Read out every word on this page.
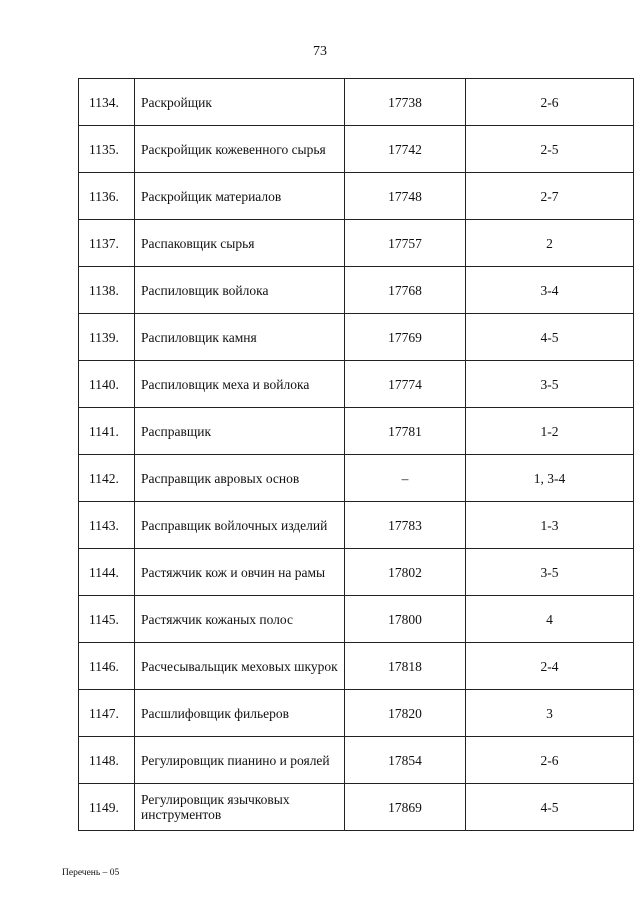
73
1134.	Раскройщик	17738	2-6
1135.	Раскройщик кожевенного сырья	17742	2-5
1136.	Раскройщик материалов	17748	2-7
1137.	Распаковщик сырья	17757	2
1138.	Распиловщик войлока	17768	3-4
1139.	Распиловщик камня	17769	4-5
1140.	Распиловщик меха и войлока	17774	3-5
1141.	Расправщик	17781	1-2
1142.	Расправщик авровых основ	–	1, 3-4
1143.	Расправщик войлочных изделий	17783	1-3
1144.	Растяжчик кож и овчин на рамы	17802	3-5
1145.	Растяжчик кожаных полос	17800	4
1146.	Расчесывальщик меховых шкурок	17818	2-4
1147.	Расшлифовщик фильеров	17820	3
1148.	Регулировщик пианино и роялей	17854	2-6
1149.	Регулировщик язычковых инструментов	17869	4-5
Перечень – 05
